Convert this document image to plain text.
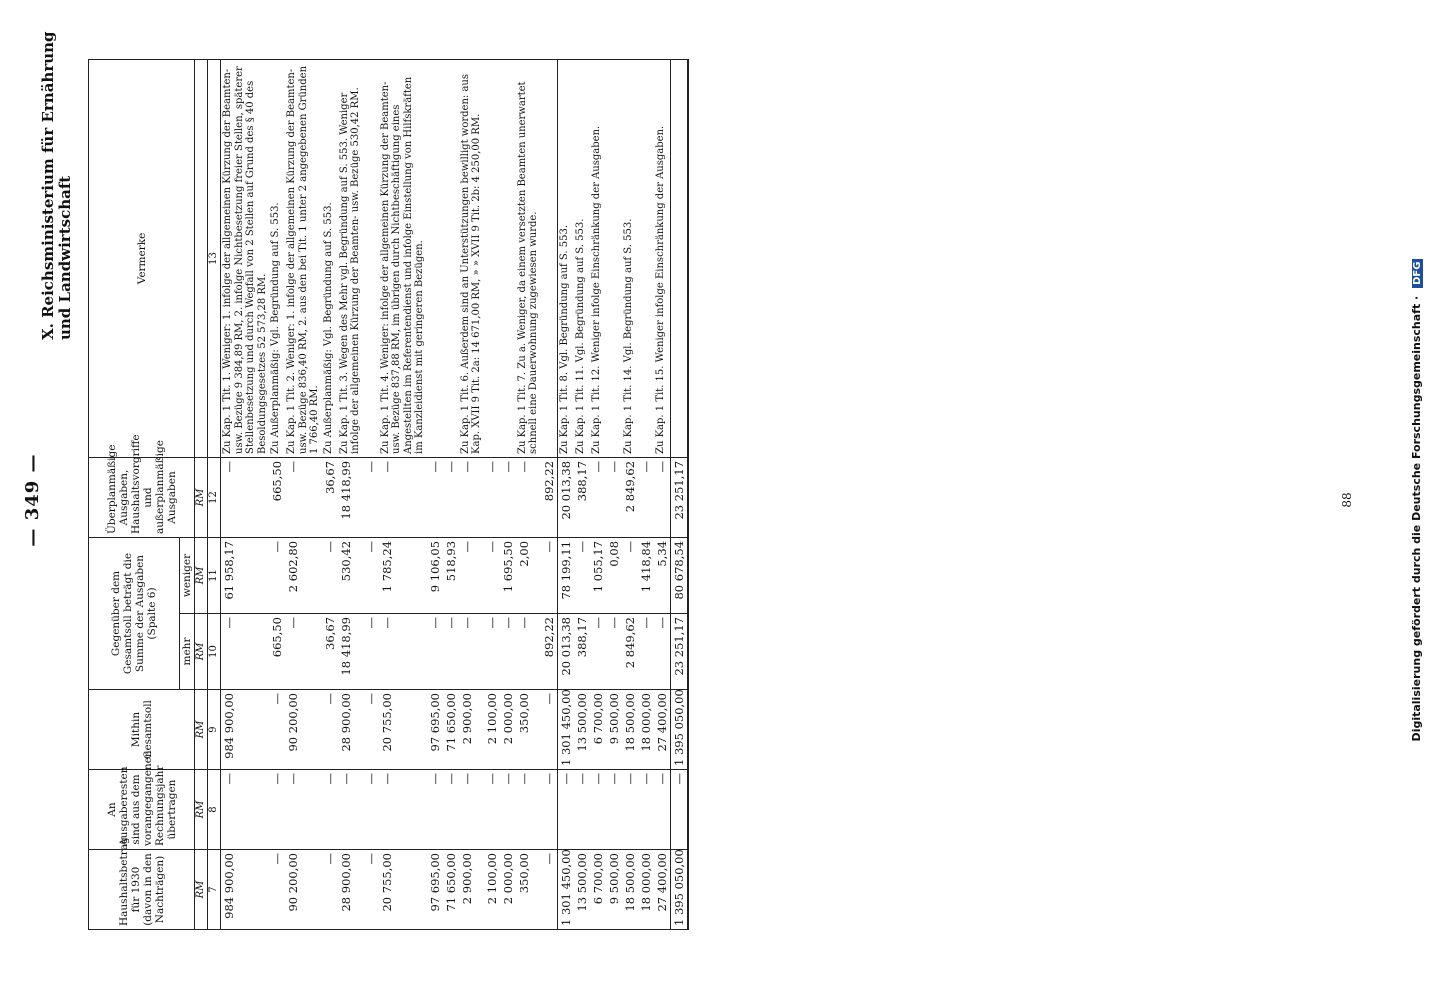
— 349 —
X. Reichsministerium für Ernährung und Landwirtschaft
Haushaltsbetrag für 1930 (davon in den Nachträgen)	An Ausgaberesten sind aus dem vorangegangenen Rechnungsjahr übertragen	Mithin Gesamtsoll	Gegenüber dem Gesamtsoll beträgt die Summe der Ausgaben (Spalte 6)		Überplanmäßige Ausgaben, Haushaltsvorgriffe und außerplanmäßige Ausgaben	Vermerke
			mehr	weniger		
RM	RM	RM	RM	RM	RM	
7	8	9	10	11	12	13
984 900,00	—	984 900,00	—	61 958,17	—	Zu Kap. 1 Tit. 1. Weniger: 1. infolge der allgemeinen Kürzung der Beamten- usw. Bezüge 9 384,89 RM, 2. infolge Nichtbesetzung freier Stellen, späterer Stellenbesetzung und durch Wegfall von 2 Stellen auf Grund des § 40 des Besoldungsgesetzes 52 573,28 RM.
—	—	—	665,50	—	665,50	Zu Außerplanmäßig: Vgl. Begründung auf S. 553.
90 200,00	—	90 200,00	—	2 602,80	—	Zu Kap. 1 Tit. 2. Weniger: 1. infolge der allgemeinen Kürzung der Beamten- usw. Bezüge 836,40 RM, 2. aus den bei Tit. 1 unter 2 angegebenen Gründen 1 766,40 RM.
—	—	—	36,67	—	36,67	Zu Außerplanmäßig: Vgl. Begründung auf S. 553.
28 900,00	—	28 900,00	18 418,99	530,42	18 418,99	Zu Kap. 1 Tit. 3. Wegen des Mehr vgl. Begründung auf S. 553. Weniger infolge der allgemeinen Kürzung der Beamten- usw. Bezüge 530,42 RM.
—	—	—	—	—	—	
20 755,00	—	20 755,00	—	1 785,24	—	Zu Kap. 1 Tit. 4. Weniger: infolge der allgemeinen Kürzung der Beamten- usw. Bezüge 837,88 RM, im übrigen durch Nichtbeschäftigung eines Angestellten im Referentendienst und infolge Einstellung von Hilfskräften im Kanzleidienst mit geringeren Bezügen.
97 695,00	—	97 695,00	—	9 106,05	—	
71 650,00	—	71 650,00	—	518,93	—	
2 900,00	—	2 900,00	—	—	—	Zu Kap. 1 Tit. 6. Außerdem sind an Unterstützungen bewilligt worden: aus Kap. XVII 9 Tit. 2a: 14 671,00 RM, » » XVII 9 Tit. 2b: 4 250,00 RM.
2 100,00	—	2 100,00	—	—	—	
2 000,00	—	2 000,00	—	1 695,50	—	
350,00	—	350,00	—	2,00	—	Zu Kap. 1 Tit. 7. Zu a. Weniger, da einem versetzten Beamten unerwartet schnell eine Dauerwohnung zugewiesen wurde.
—	—	—	892,22	—	892,22	
1 301 450,00	—	1 301 450,00	20 013,38	78 199,11	20 013,38	Zu Kap. 1 Tit. 8. Vgl. Begründung auf S. 553.
13 500,00	—	13 500,00	388,17	—	388,17	Zu Kap. 1 Tit. 11. Vgl. Begründung auf S. 553.
6 700,00	—	6 700,00	—	1 055,17	—	Zu Kap. 1 Tit. 12. Weniger infolge Einschränkung der Ausgaben.
9 500,00	—	9 500,00	—	0,08	—	
18 500,00	—	18 500,00	2 849,62	—	2 849,62	Zu Kap. 1 Tit. 14. Vgl. Begründung auf S. 553.
18 000,00	—	18 000,00	—	1 418,84	—	
27 400,00	—	27 400,00	—	5,34	—	Zu Kap. 1 Tit. 15. Weniger infolge Einschränkung der Ausgaben.
1 395 050,00	—	1 395 050,00	23 251,17	80 678,54	23 251,17		88	Digitalisierung gefördert durch die Deutsche Forschungsgemeinschaft · DFG
